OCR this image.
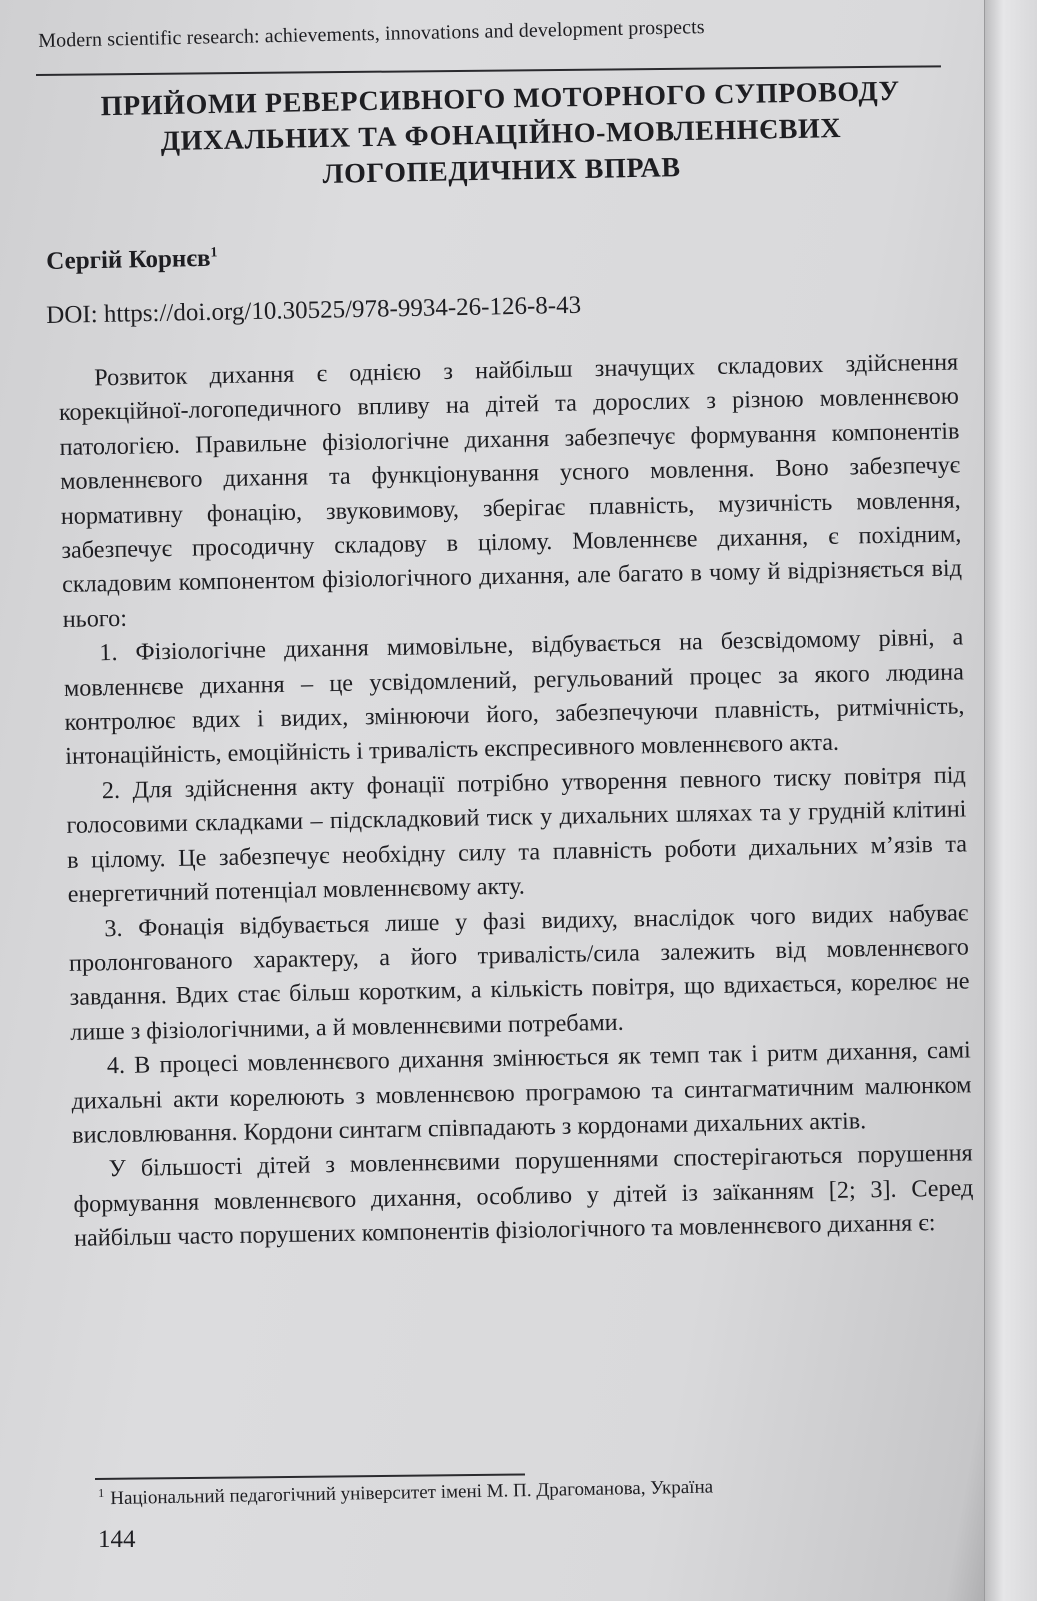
Modern scientific research: achievements, innovations and development prospects
ПРИЙОМИ РЕВЕРСИВНОГО МОТОРНОГО СУПРОВОДУ
ДИХАЛЬНИХ ТА ФОНАЦІЙНО-МОВЛЕННЄВИХ
ЛОГОПЕДИЧНИХ ВПРАВ
Сергій Корнєв$^1$
DOI: https://doi.org/10.30525/978-9934-26-126-8-43

Розвиток дихання є однією з найбільш значущих складових здійснення корекційної-логопедичного впливу на дітей та дорослих з різною мовленнєвою патологією. Правильне фізіологічне дихання забезпечує формування компонентів мовленнєвого дихання та функціонування усного мовлення. Воно забезпечує нормативну фонацію, звуковимову, зберігає плавність, музичність мовлення, забезпечує просодичну складову в цілому. Мовленнєве дихання, є похідним, складовим компонентом фізіологічного дихання, але багато в чому й відрізняється від нього:

1. Фізіологічне дихання мимовільне, відбувається на безсвідомому рівні, а мовленнєве дихання – це усвідомлений, регульований процес за якого людина контролює вдих і видих, змінюючи його, забезпечуючи плавність, ритмічність, інтонаційність, емоційність і тривалість експресивного мовленнєвого акта.

2. Для здійснення акту фонації потрібно утворення певного тиску повітря під голосовими складками – підскладковий тиск у дихальних шляхах та у грудній клітині в цілому. Це забезпечує необхідну силу та плавність роботи дихальних м’язів та енергетичний потенціал мовленнєвому акту.

3. Фонація відбувається лише у фазі видиху, внаслідок чого видих набуває пролонгованого характеру, а його тривалість/сила залежить від мовленнєвого завдання. Вдих стає більш коротким, а кількість повітря, що вдихається, корелює не лише з фізіологічними, а й мовленнєвими потребами.

4. В процесі мовленнєвого дихання змінюється як темп так і ритм дихання, самі дихальні акти корелюють з мовленнєвою програмою та синтагматичним малюнком висловлювання. Кордони синтагм співпадають з кордонами дихальних актів.

У більшості дітей з мовленнєвими порушеннями спостерігаються порушення формування мовленнєвого дихання, особливо у дітей із заїканням [2; 3]. Серед найбільш часто порушених компонентів фізіологічного та мовленнєвого дихання є:

$^1$ Національний педагогічний університет імені М. П. Драгоманова, Україна
144
